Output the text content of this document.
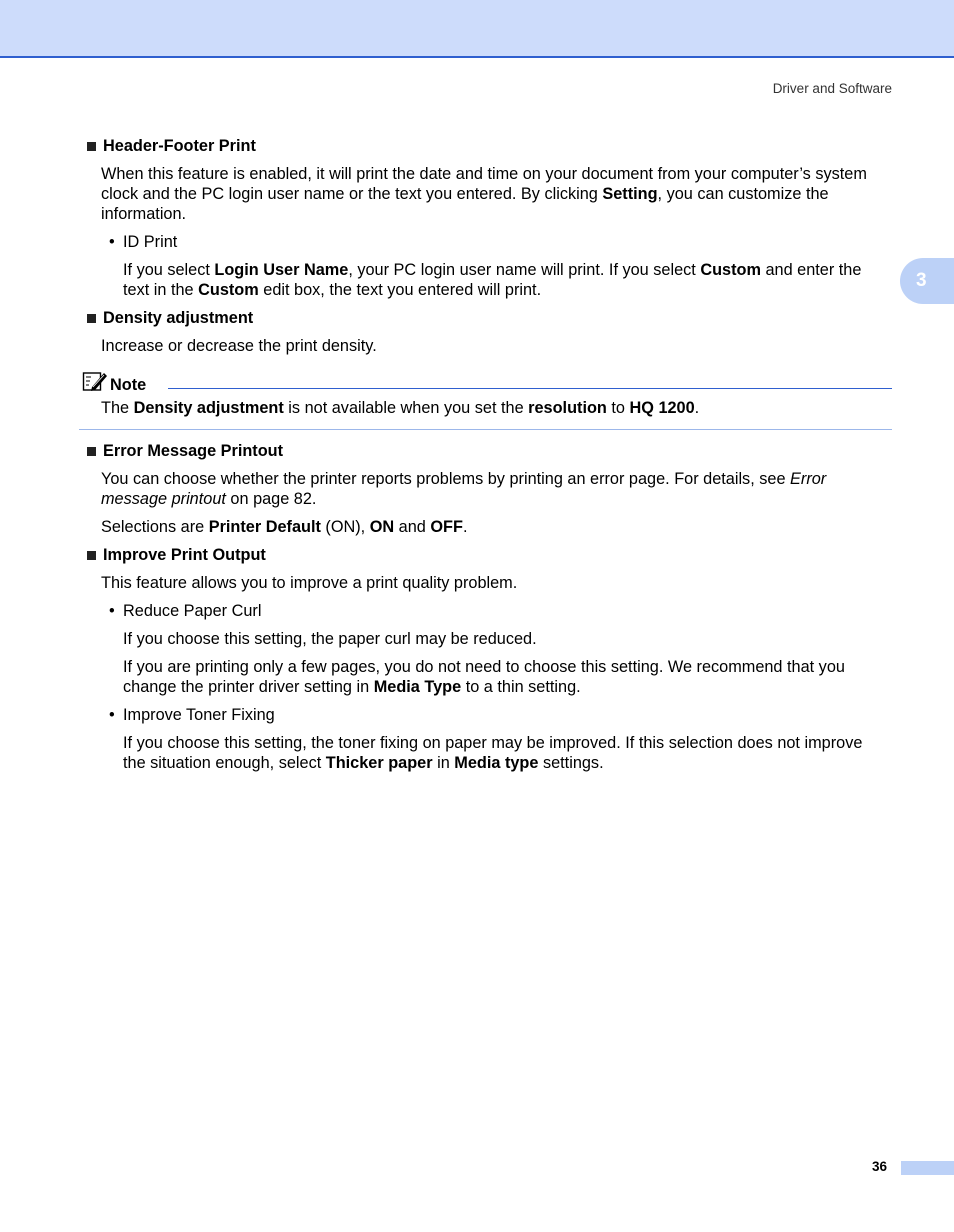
Driver and Software
3
Header-Footer Print
When this feature is enabled, it will print the date and time on your document from your computer’s system
clock and the PC login user name or the text you entered. By clicking Setting, you can customize the
information.
• ID Print
If you select Login User Name, your PC login user name will print. If you select Custom and enter the
text in the Custom edit box, the text you entered will print.
Density adjustment
Increase or decrease the print density.
Note
The Density adjustment is not available when you set the resolution to HQ 1200.
Error Message Printout
You can choose whether the printer reports problems by printing an error page. For details, see Error
message printout on page 82.
Selections are Printer Default (ON), ON and OFF.
Improve Print Output
This feature allows you to improve a print quality problem.
• Reduce Paper Curl
If you choose this setting, the paper curl may be reduced.
If you are printing only a few pages, you do not need to choose this setting. We recommend that you
change the printer driver setting in Media Type to a thin setting.
• Improve Toner Fixing
If you choose this setting, the toner fixing on paper may be improved. If this selection does not improve
the situation enough, select Thicker paper in Media type settings.
36
